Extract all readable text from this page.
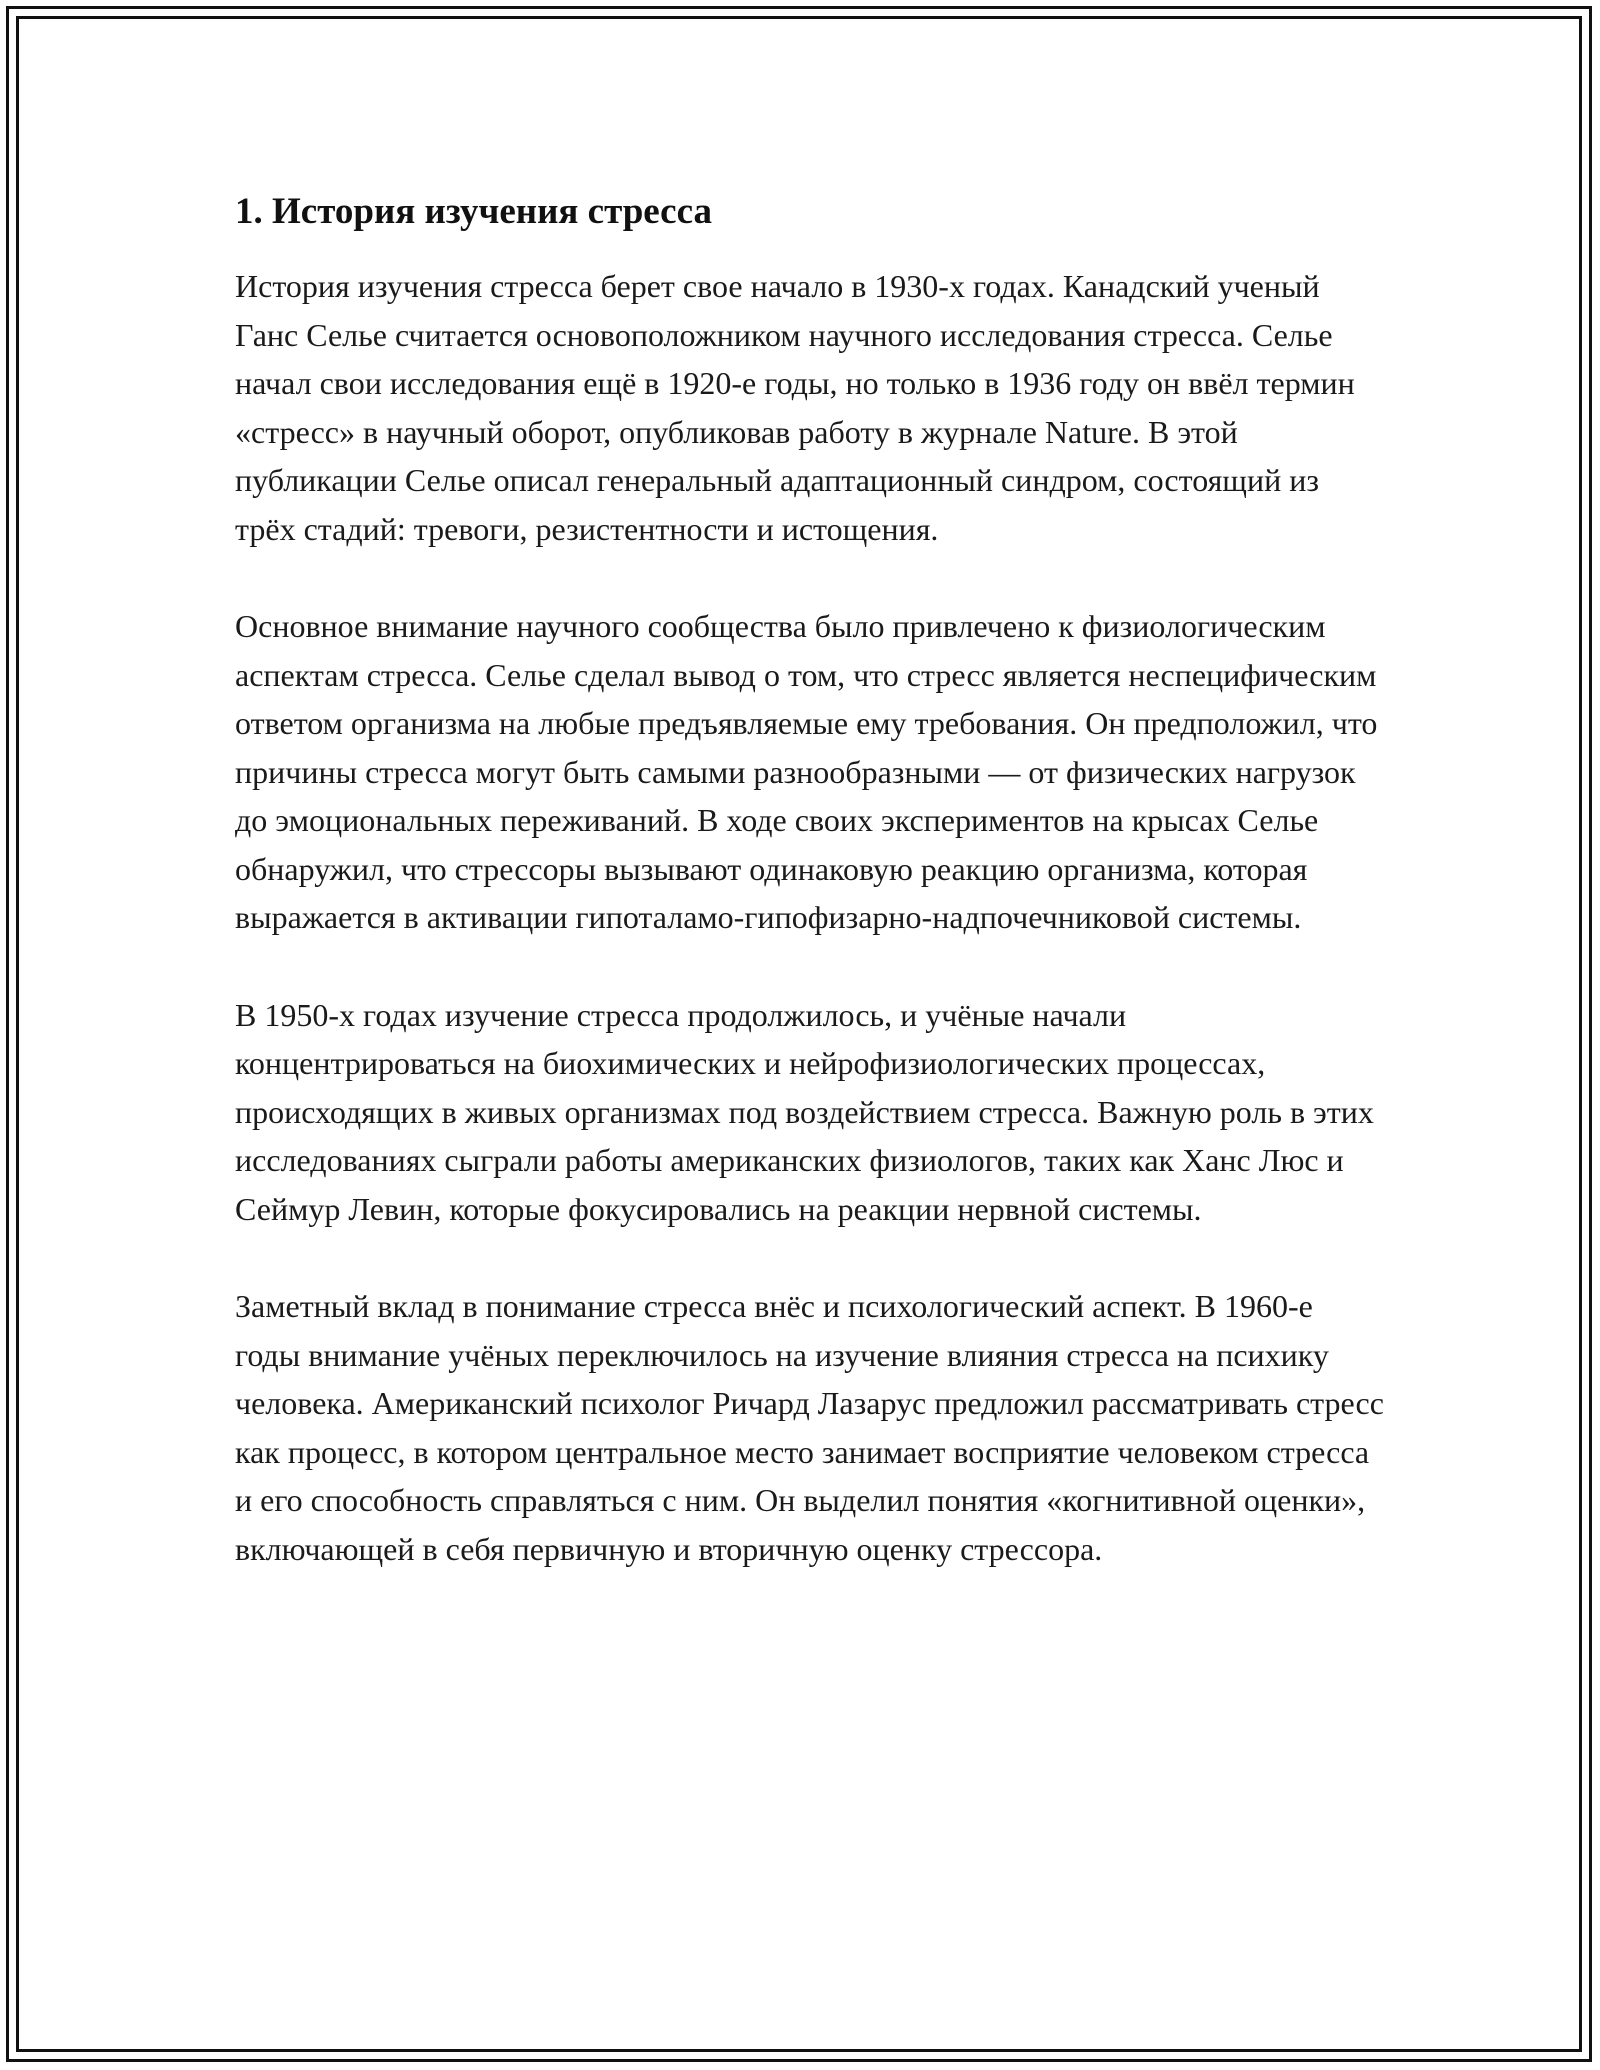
1. История изучения стресса

История изучения стресса берет свое начало в 1930-х годах. Канадский ученый Ганс Селье считается основоположником научного исследования стресса. Селье начал свои исследования ещё в 1920-е годы, но только в 1936 году он ввёл термин «стресс» в научный оборот, опубликовав работу в журнале Nature. В этой публикации Селье описал генеральный адаптационный синдром, состоящий из трёх стадий: тревоги, резистентности и истощения.

Основное внимание научного сообщества было привлечено к физиологическим аспектам стресса. Селье сделал вывод о том, что стресс является неспецифическим ответом организма на любые предъявляемые ему требования. Он предположил, что причины стресса могут быть самыми разнообразными — от физических нагрузок до эмоциональных переживаний. В ходе своих экспериментов на крысах Селье обнаружил, что стрессоры вызывают одинаковую реакцию организма, которая выражается в активации гипоталамо-гипофизарно-надпочечниковой системы.

В 1950-х годах изучение стресса продолжилось, и учёные начали концентрироваться на биохимических и нейрофизиологических процессах, происходящих в живых организмах под воздействием стресса. Важную роль в этих исследованиях сыграли работы американских физиологов, таких как Ханс Люс и Сеймур Левин, которые фокусировались на реакции нервной системы.

Заметный вклад в понимание стресса внёс и психологический аспект. В 1960-е годы внимание учёных переключилось на изучение влияния стресса на психику человека. Американский психолог Ричард Лазарус предложил рассматривать стресс как процесс, в котором центральное место занимает восприятие человеком стресса и его способность справляться с ним. Он выделил понятия «когнитивной оценки», включающей в себя первичную и вторичную оценку стрессора.
